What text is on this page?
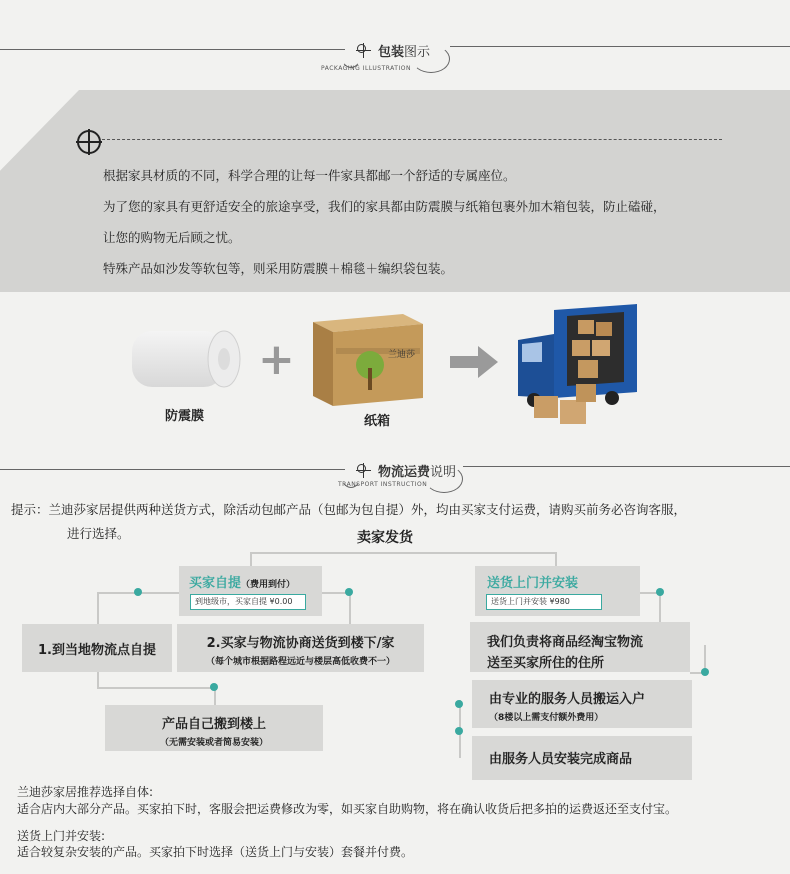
包装图示
PACKAGING ILLUSTRATION
根据家具材质的不同，科学合理的让每一件家具都邮一个舒适的专属座位。
为了您的家具有更舒适安全的旅途享受，我们的家具都由防震膜与纸箱包裹外加木箱包装，防止磕碰，
让您的购物无后顾之忧。
特殊产品如沙发等软包等，则采用防震膜＋棉毯＋编织袋包装。
防震膜
+	兰迪莎
纸箱
物流运费说明
TRANSPORT INSTRUCTION
提示：兰迪莎家居提供两种送货方式，除活动包邮产品（包邮为包自提）外，均由买家支付运费，请购买前务必咨询客服，
进行选择。	卖家发货
买家自提（费用到付）
到地级市，买家自提 ¥0.00
送货上门并安装
送货上门并安装 ¥980
1.到当地物流点自提	2.买家与物流协商送货到楼下/家
（每个城市根据路程远近与楼层高低收费不一）
产品自己搬到楼上
（无需安装或者简易安装）
我们负责将商品经淘宝物流
送至买家所住的住所
由专业的服务人员搬运入户
（8楼以上需支付额外费用）
由服务人员安装完成商品
兰迪莎家居推荐选择自体:
适合店内大部分产品。买家拍下时，客服会把运费修改为零，如买家自助购物，将在确认收货后把多拍的运费返还至支付宝。
送货上门并安装:
适合较复杂安装的产品。买家拍下时选择（送货上门与安装）套餐并付费。
